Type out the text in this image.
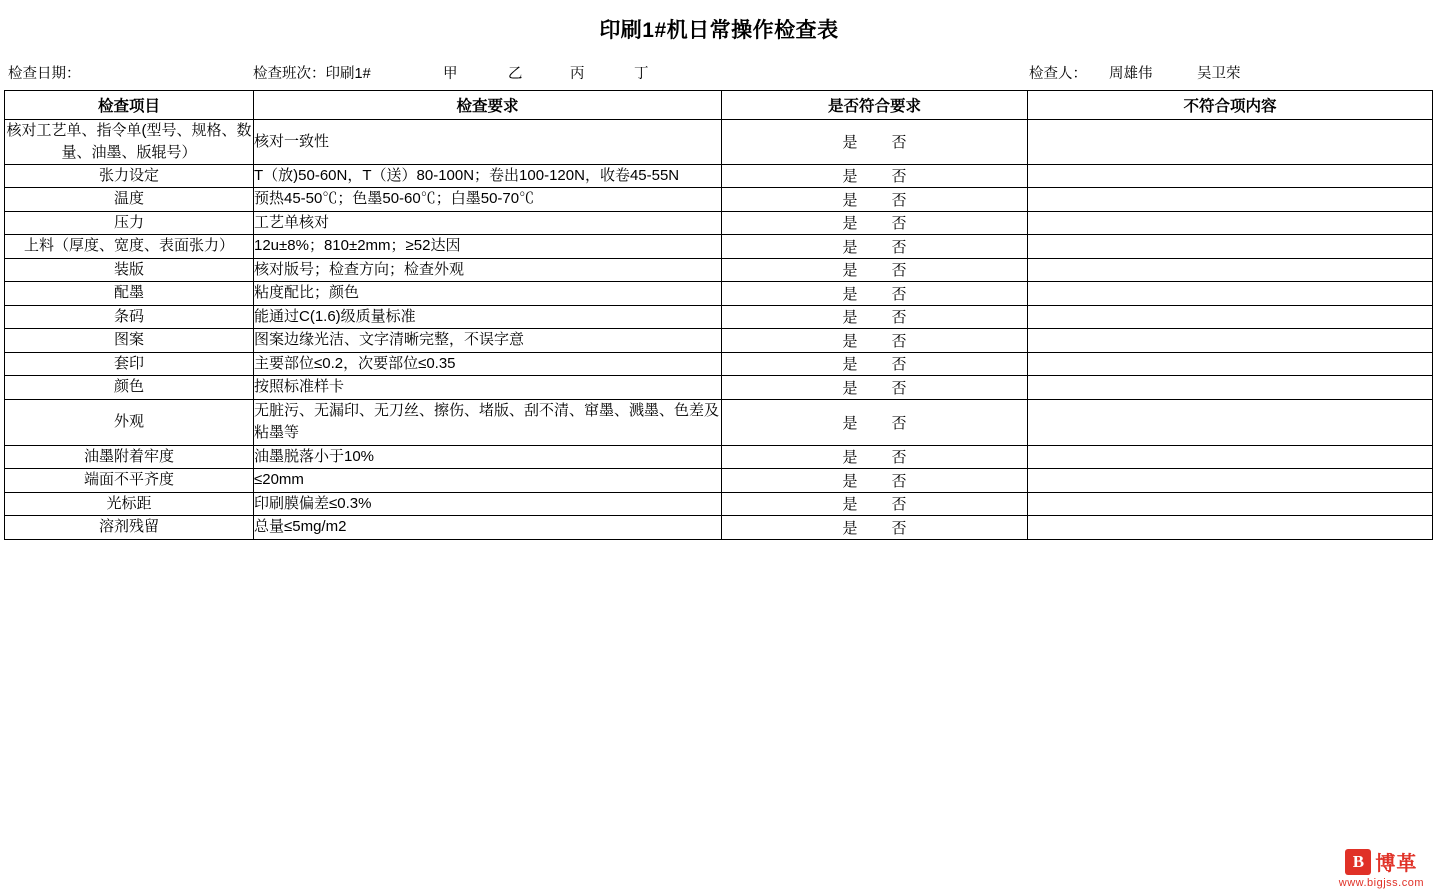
印刷1#机日常操作检查表
检查日期：	检查班次：印刷1#	甲	乙	丙	丁	检查人： 周雄伟	吴卫荣
检查项目	检查要求	是否符合要求	不符合项内容
核对工艺单、指令单(型号、规格、数量、油墨、版辊号）	核对一致性	是 否	

张力设定	T（放)50-60N，T（送）80-100N；卷出100-120N，收卷45-55N	是 否	

温度	预热45-50℃；色墨50-60℃；白墨50-70℃	是 否	

压力	工艺单核对	是 否	

上料（厚度、宽度、表面张力）	12u±8%；810±2mm；≥52达因	是 否	

装版	核对版号；检查方向；检查外观	是 否	

配墨	粘度配比；颜色	是 否	

条码	能通过C(1.6)级质量标准	是 否	

图案	图案边缘光洁、文字清晰完整，不误字意	是 否	

套印	主要部位≤0.2，次要部位≤0.35	是 否	

颜色	按照标准样卡	是 否	

外观	无脏污、无漏印、无刀丝、擦伤、堵版、刮不清、窜墨、溅墨、色差及粘墨等	是 否	

油墨附着牢度	油墨脱落小于10%	是 否	

端面不平齐度	≤20mm	是 否	

光标距	印刷膜偏差≤0.3%	是 否	

溶剂残留	总量≤5mg/m2	是 否	

B 博革
www.bigjss.com
